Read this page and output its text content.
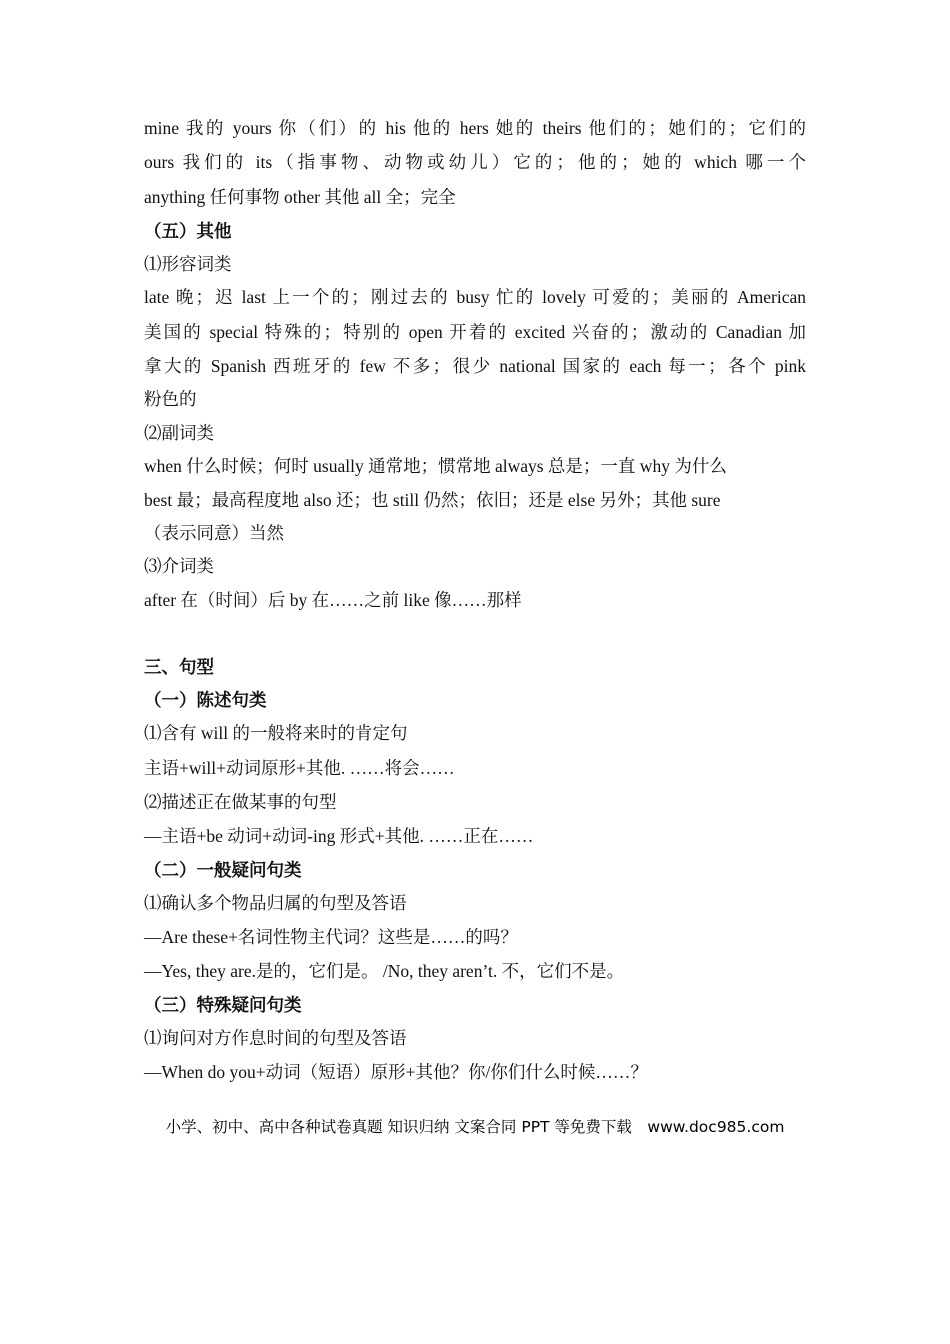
mine 我的 yours 你（们）的 his 他的 hers 她的 theirs 他们的；她们的；它们的
ours 我们的 its（指事物、动物或幼儿）它的；他的；她的 which 哪一个
anything 任何事物 other 其他 all 全；完全
（五）其他
⑴形容词类
late 晚；迟 last 上一个的；刚过去的 busy 忙的 lovely 可爱的；美丽的 American
美国的 special 特殊的；特别的 open 开着的 excited 兴奋的；激动的 Canadian 加
拿大的 Spanish 西班牙的 few 不多；很少 national 国家的 each 每一；各个 pink
粉色的
⑵副词类
when 什么时候；何时 usually 通常地；惯常地 always 总是；一直 why 为什么
best 最；最高程度地 also 还；也 still 仍然；依旧；还是 else 另外；其他 sure
（表示同意）当然
⑶介词类
after 在（时间）后 by 在……之前 like 像……那样
三、句型
（一）陈述句类
⑴含有 will 的一般将来时的肯定句
主语+will+动词原形+其他. ……将会……
⑵描述正在做某事的句型
—主语+be 动词+动词-ing 形式+其他. ……正在……
（二）一般疑问句类
⑴确认多个物品归属的句型及答语
—Are these+名词性物主代词？这些是……的吗？
—Yes, they are.是的，它们是。 /No, they aren’t. 不，它们不是。
（三）特殊疑问句类
⑴询问对方作息时间的句型及答语
—When do you+动词（短语）原形+其他？你/你们什么时候……？
小学、初中、高中各种试卷真题 知识归纳 文案合同 PPT 等免费下载　www.doc985.com
